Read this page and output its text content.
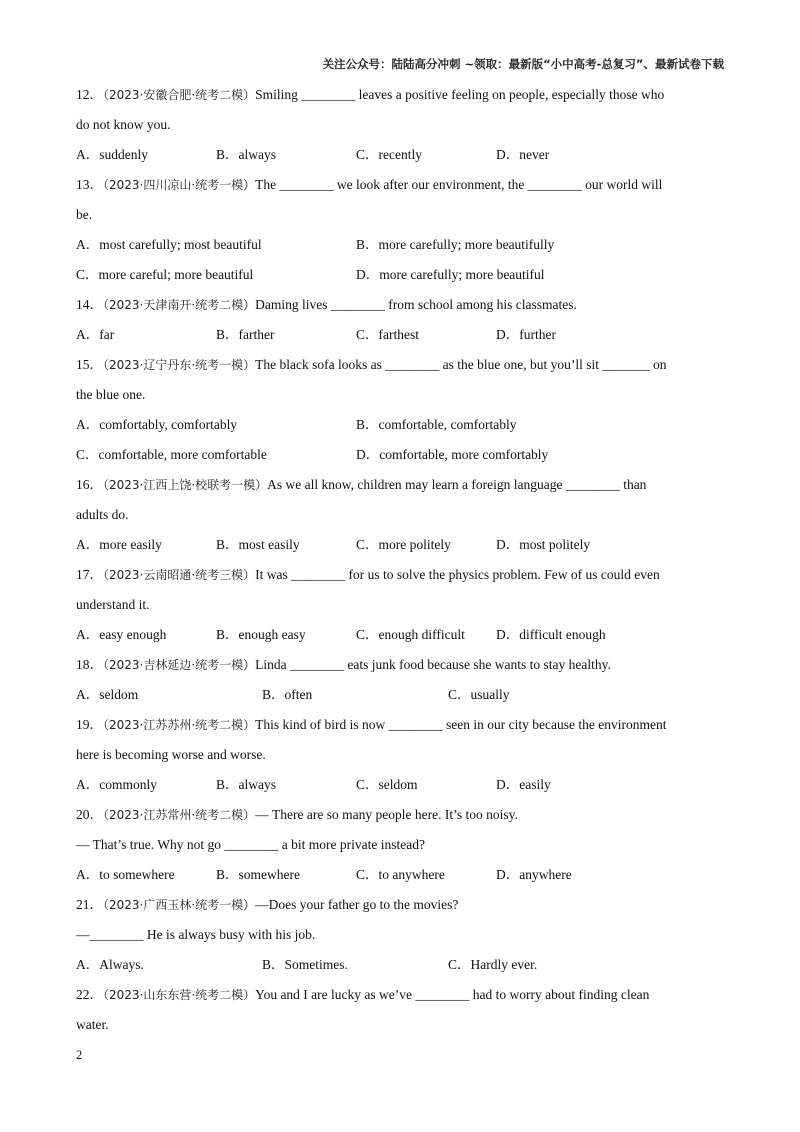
关注公众号：陆陆高分冲刺 ~领取：最新版“小中高考-总复习”、最新试卷下载

12．（2023·安徽合肥·统考二模）Smiling ________ leaves a positive feeling on people, especially those who

do not know you.

A．suddenly	B．always	C．recently	D．never

13．（2023·四川凉山·统考一模）The ________ we look after our environment, the ________ our world will

be.

A．most carefully; most beautiful	B．more carefully; more beautifully
C．more careful; more beautiful	D．more carefully; more beautiful

14．（2023·天津南开·统考二模）Daming lives ________ from school among his classmates.

A．far	B．farther	C．farthest	D．further

15．（2023·辽宁丹东·统考一模）The black sofa looks as ________ as the blue one, but you’ll sit _______ on

the blue one.

A．comfortably, comfortably	B．comfortable, comfortably
C．comfortable, more comfortable	D．comfortable, more comfortably

16．（2023·江西上饶·校联考一模）As we all know, children may learn a foreign language ________ than

adults do.

A．more easily	B．most easily	C．more politely	D．most politely

17．（2023·云南昭通·统考三模）It was ________ for us to solve the physics problem. Few of us could even

understand it.

A．easy enough	B．enough easy	C．enough difficult	D．difficult enough

18．（2023·吉林延边·统考一模）Linda ________ eats junk food because she wants to stay healthy.

A．seldom	B．often	C．usually

19．（2023·江苏苏州·统考二模）This kind of bird is now ________ seen in our city because the environment

here is becoming worse and worse.

A．commonly	B．always	C．seldom	D．easily

20．（2023·江苏常州·统考二模）— There are so many people here. It’s too noisy.

— That’s true. Why not go ________ a bit more private instead?

A．to somewhere	B．somewhere	C．to anywhere	D．anywhere

21．（2023·广西玉林·统考一模）—Does your father go to the movies?

—________ He is always busy with his job.

A．Always.	B．Sometimes.	C．Hardly ever.

22．（2023·山东东营·统考二模）You and I are lucky as we’ve ________ had to worry about finding clean

water.

2
